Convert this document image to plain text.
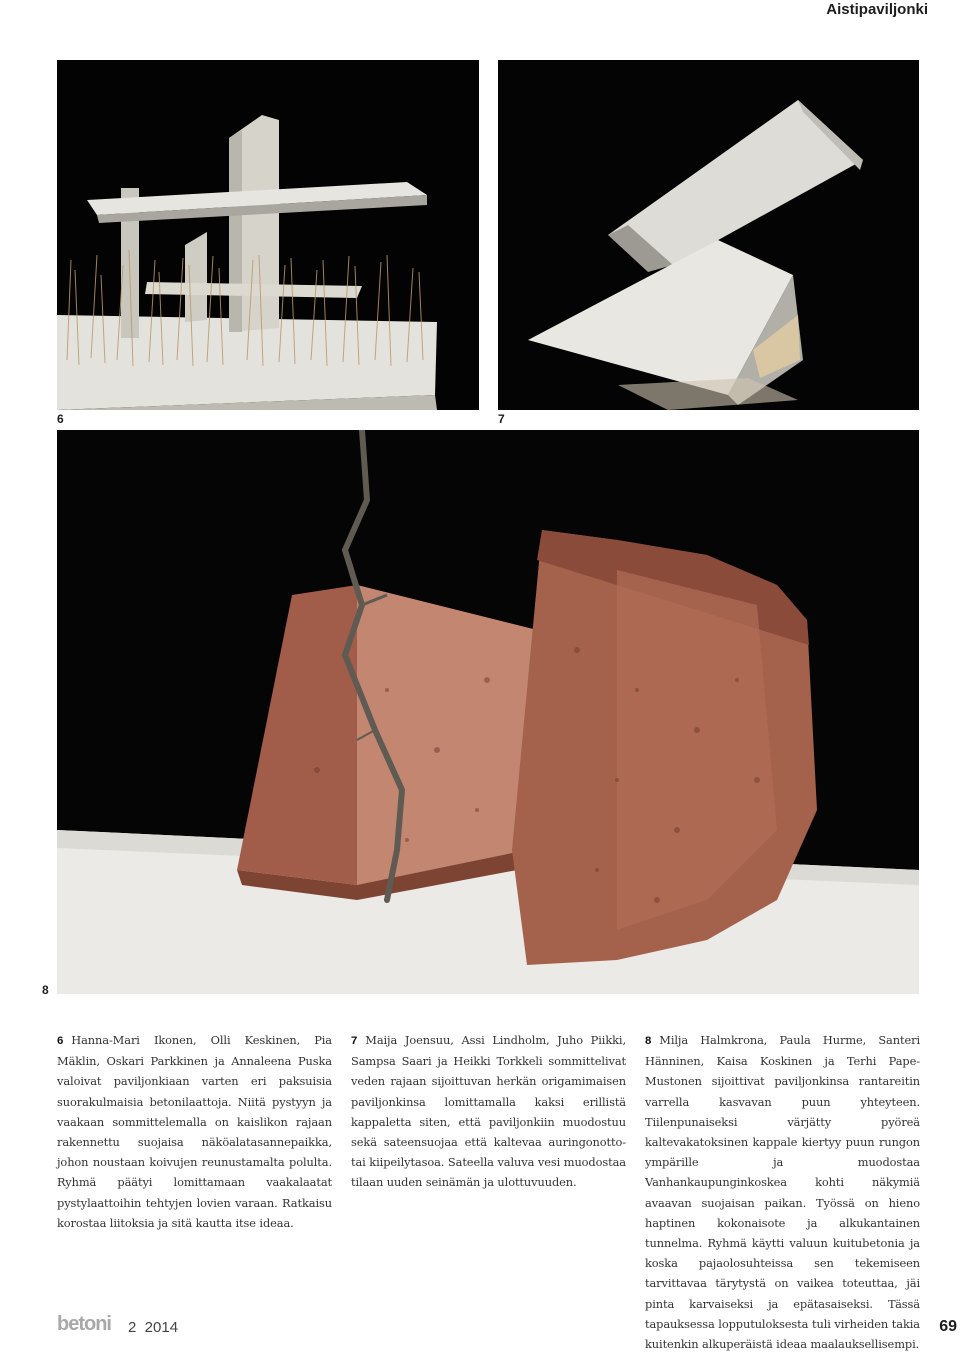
Aistipaviljonki
6	7
8
6 Hanna-Mari Ikonen, Olli Keskinen, Pia Mäklin, Oskari Parkkinen ja Annaleena Puska valoivat paviljonkiaan varten eri paksuisia suorakulmaisia betonilaattoja. Niitä pystyyn ja vaakaan sommittelemalla on kaislikon rajaan rakennettu suojaisa näköalatasannepaikka, johon noustaan koivujen reunustamalta polulta. Ryhmä päätyi lomittamaan vaakalaatat pystylaattoihin tehtyjen lovien varaan. Ratkaisu korostaa liitoksia ja sitä kautta itse ideaa.
7 Maija Joensuu, Assi Lindholm, Juho Piikki, Sampsa Saari ja Heikki Torkkeli sommittelivat veden rajaan sijoittuvan herkän origamimaisen paviljonkinsa lomittamalla kaksi erillistä kappaletta siten, että paviljonkiin muodostuu sekä sateensuojaa että kaltevaa auringonotto- tai kiipeilytasoa. Sateella valuva vesi muodostaa tilaan uuden seinämän ja ulottuvuuden.
8 Milja Halmkrona, Paula Hurme, Santeri Hänninen, Kaisa Koskinen ja Terhi Pape-Mustonen sijoittivat paviljonkinsa rantareitin varrella kasvavan puun yhteyteen. Tiilenpunaiseksi värjätty pyöreä kaltevakatoksinen kappale kiertyy puun rungon ympärille ja muodostaa Vanhankaupunginkoskea kohti näkymiä avaavan suojaisan paikan. Työssä on hieno haptinen kokonaisote ja alkukantainen tunnelma. Ryhmä käytti valuun kuitubetonia ja koska pajaolosuhteissa sen tekemiseen tarvittavaa tärytystä on vaikea toteuttaa, jäi pinta karvaiseksi ja epätasaiseksi. Tässä tapauksessa lopputuloksesta tuli virheiden takia kuitenkin alkuperäistä ideaa maalauksellisempi.
betoni 2  2014	69
